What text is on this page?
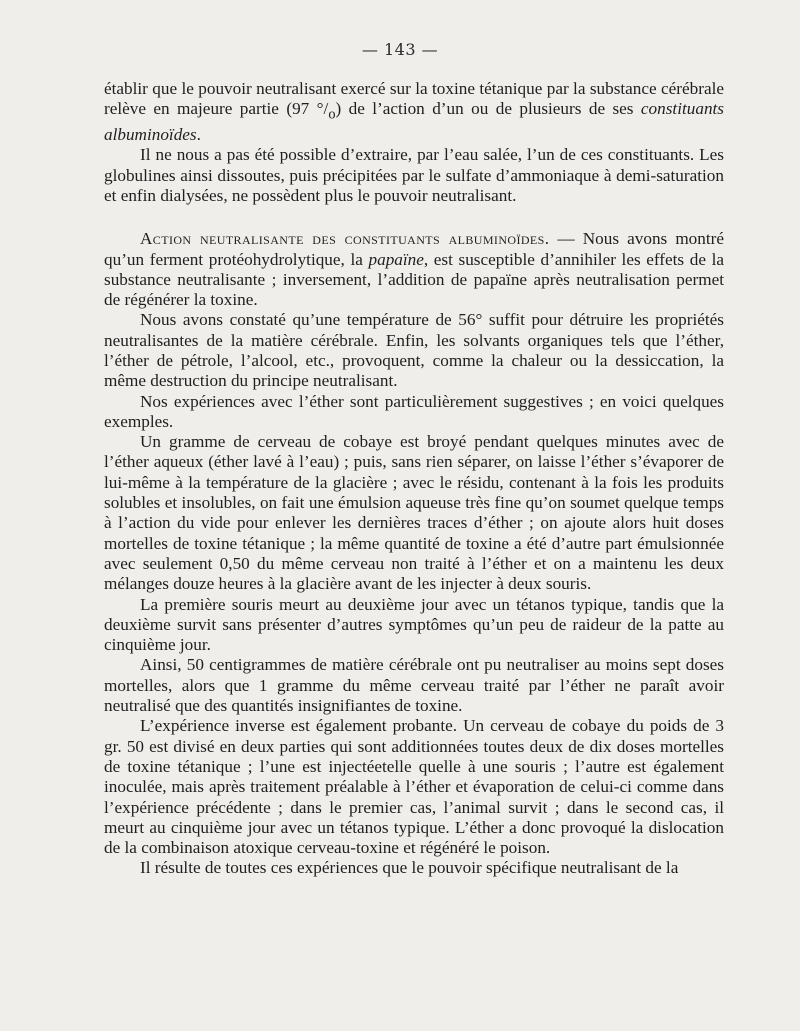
— 143 —

établir que le pouvoir neutralisant exercé sur la toxine tétanique par la substance cérébrale relève en majeure partie (97 $^\circ/_o$) de l’action d’un ou de plusieurs de ses constituants albuminoïdes.

Il ne nous a pas été possible d’extraire, par l’eau salée, l’un de ces constituants. Les globulines ainsi dissoutes, puis précipitées par le sulfate d’ammoniaque à demi-saturation et enfin dialysées, ne possèdent plus le pouvoir neutralisant.

Action neutralisante des constituants albuminoïdes. — Nous avons montré qu’un ferment protéohydrolytique, la papaïne, est susceptible d’annihiler les effets de la substance neutralisante ; inversement, l’addition de papaïne après neutralisation permet de régénérer la toxine.

Nous avons constaté qu’une température de 56° suffit pour détruire les propriétés neutralisantes de la matière cérébrale. Enfin, les solvants organiques tels que l’éther, l’éther de pétrole, l’alcool, etc., provoquent, comme la chaleur ou la dessiccation, la même destruction du principe neutralisant.

Nos expériences avec l’éther sont particulièrement suggestives ; en voici quelques exemples.

Un gramme de cerveau de cobaye est broyé pendant quelques minutes avec de l’éther aqueux (éther lavé à l’eau) ; puis, sans rien séparer, on laisse l’éther s’évaporer de lui-même à la température de la glacière ; avec le résidu, contenant à la fois les produits solubles et insolubles, on fait une émulsion aqueuse très fine qu’on soumet quelque temps à l’action du vide pour enlever les dernières traces d’éther ; on ajoute alors huit doses mortelles de toxine tétanique ; la même quantité de toxine a été d’autre part émulsionnée avec seulement 0,50 du même cerveau non traité à l’éther et on a maintenu les deux mélanges douze heures à la glacière avant de les injecter à deux souris.

La première souris meurt au deuxième jour avec un tétanos typique, tandis que la deuxième survit sans présenter d’autres symptômes qu’un peu de raideur de la patte au cinquième jour.

Ainsi, 50 centigrammes de matière cérébrale ont pu neutraliser au moins sept doses mortelles, alors que 1 gramme du même cerveau traité par l’éther ne paraît avoir neutralisé que des quantités insignifiantes de toxine.

L’expérience inverse est également probante. Un cerveau de cobaye du poids de 3 gr. 50 est divisé en deux parties qui sont additionnées toutes deux de dix doses mortelles de toxine tétanique ; l’une est injectéetelle quelle à une souris ; l’autre est également inoculée, mais après traitement préalable à l’éther et évaporation de celui-ci comme dans l’expérience précédente ; dans le premier cas, l’animal survit ; dans le second cas, il meurt au cinquième jour avec un tétanos typique. L’éther a donc provoqué la dislocation de la combinaison atoxique cerveau-toxine et régénéré le poison.

Il résulte de toutes ces expériences que le pouvoir spécifique neutralisant de la
